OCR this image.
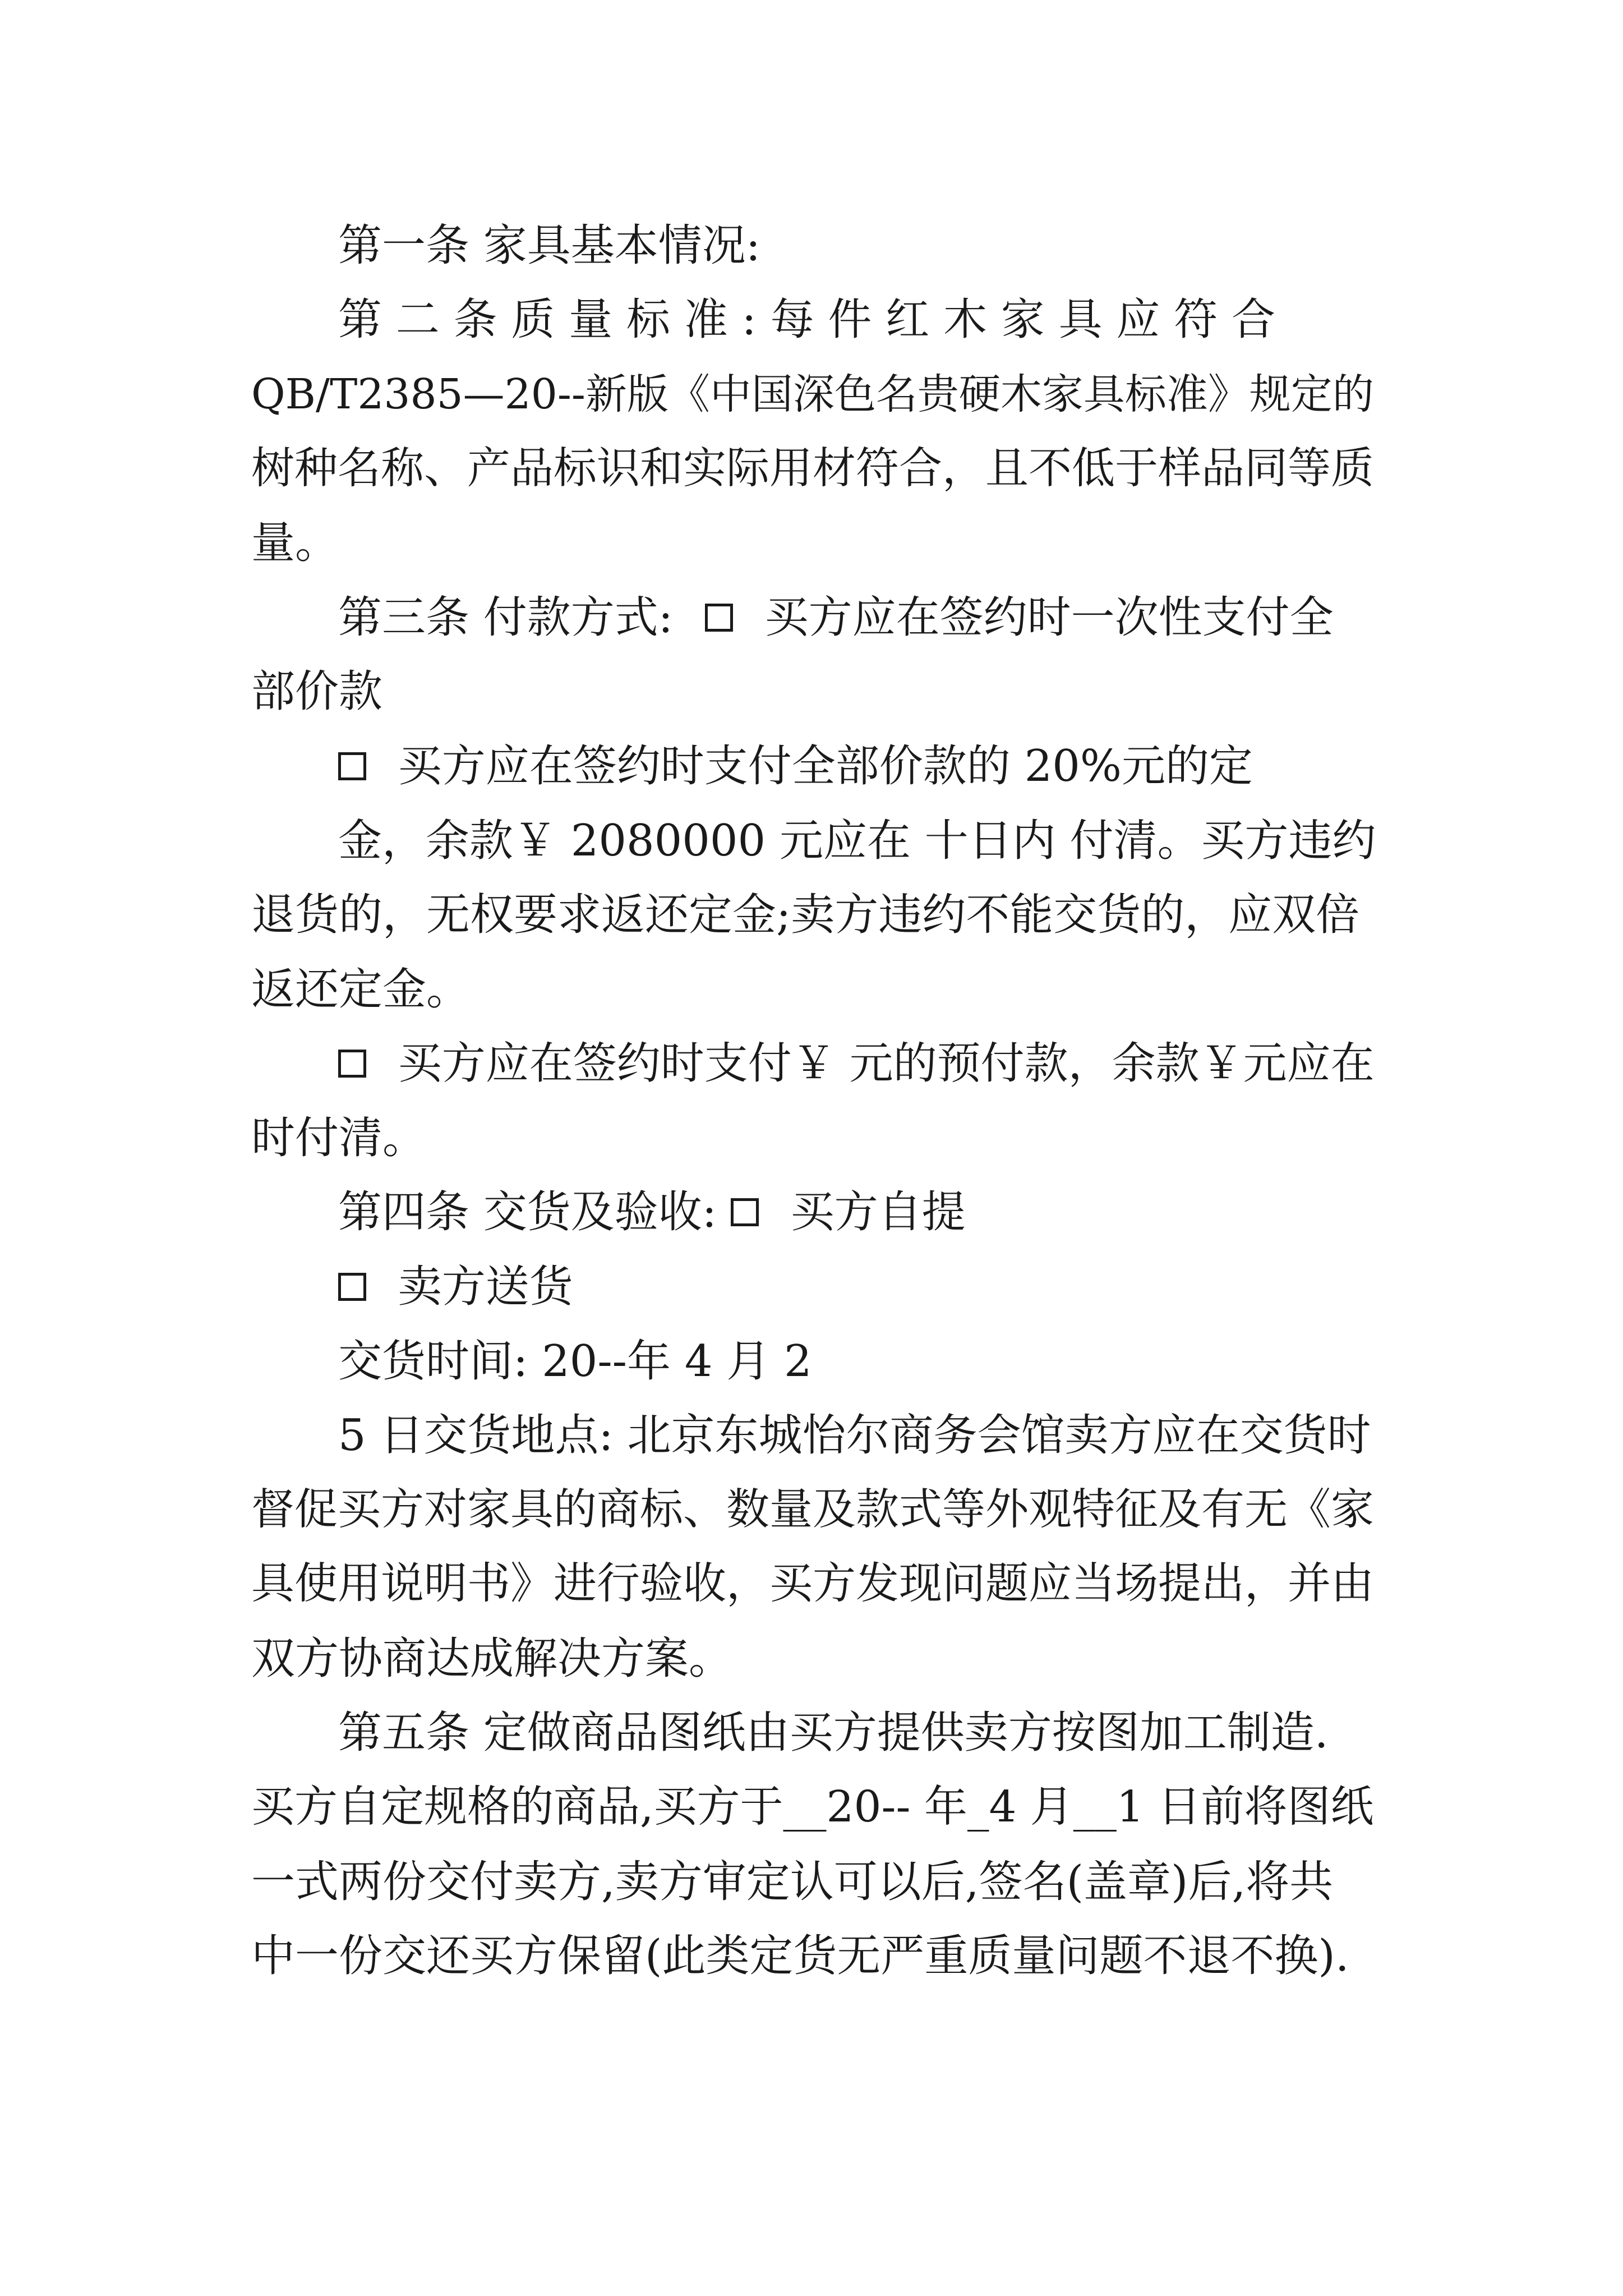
第一条 家具基本情况:
第 二 条 质 量 标 准 : 每 件 红 木 家 具 应 符 合
QB/T2385—20--新版《中国深色名贵硬木家具标准》规定的
树种名称、产品标识和实际用材符合，且不低于样品同等质
量。
第三条 付款方式:  买方应在签约时一次性支付全
部价款
买方应在签约时支付全部价款的 20%元的定
金，余款￥ 2080000 元应在 十日内 付清。买方违约
退货的，无权要求返还定金;卖方违约不能交货的，应双倍
返还定金。
买方应在签约时支付￥ 元的预付款，余款￥元应在
时付清。
第四条 交货及验收:  买方自提
卖方送货
交货时间: 20--年 4 月 2
5 日交货地点: 北京东城怡尔商务会馆卖方应在交货时
督促买方对家具的商标、数量及款式等外观特征及有无《家
具使用说明书》进行验收，买方发现问题应当场提出，并由
双方协商达成解决方案。
第五条 定做商品图纸由买方提供卖方按图加工制造.
买方自定规格的商品,买方于__20-- 年_4 月__1 日前将图纸
一式两份交付卖方,卖方审定认可以后,签名(盖章)后,将共
中一份交还买方保留(此类定货无严重质量问题不退不换).
